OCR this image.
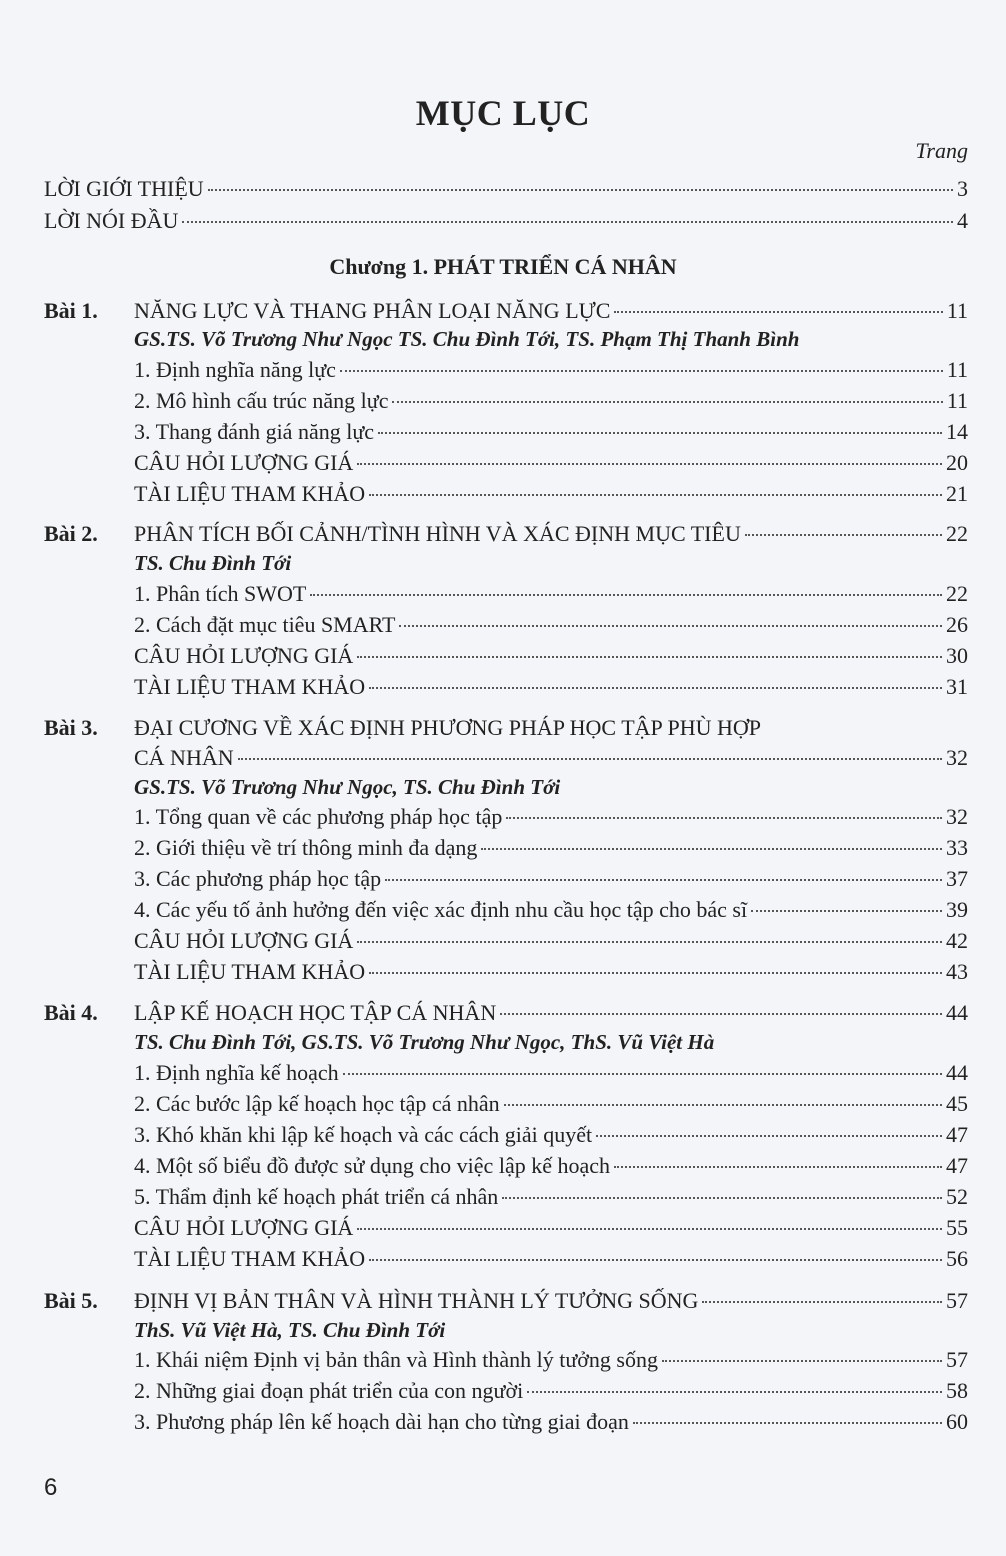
MỤC LỤC
Trang
LỜI GIỚI THIỆU	3
LỜI NÓI ĐẦU	4
Chương 1. PHÁT TRIỂN CÁ NHÂN
Bài 1. NĂNG LỰC VÀ THANG PHÂN LOẠI NĂNG LỰC	11
GS.TS. Võ Trương Như Ngọc TS. Chu Đình Tới, TS. Phạm Thị Thanh Bình
1. Định nghĩa năng lực	11
2. Mô hình cấu trúc năng lực	11
3. Thang đánh giá năng lực	14
CÂU HỎI LƯỢNG GIÁ	20
TÀI LIỆU THAM KHẢO	21
Bài 2. PHÂN TÍCH BỐI CẢNH/TÌNH HÌNH VÀ XÁC ĐỊNH MỤC TIÊU	22
TS. Chu Đình Tới
1. Phân tích SWOT	22
2. Cách đặt mục tiêu SMART	26
CÂU HỎI LƯỢNG GIÁ	30
TÀI LIỆU THAM KHẢO	31
Bài 3. ĐẠI CƯƠNG VỀ XÁC ĐỊNH PHƯƠNG PHÁP HỌC TẬP PHÙ HỢP
CÁ NHÂN	32
GS.TS. Võ Trương Như Ngọc, TS. Chu Đình Tới
1. Tổng quan về các phương pháp học tập	32
2. Giới thiệu về trí thông minh đa dạng	33
3. Các phương pháp học tập	37
4. Các yếu tố ảnh hưởng đến việc xác định nhu cầu học tập cho bác sĩ	39
CÂU HỎI LƯỢNG GIÁ	42
TÀI LIỆU THAM KHẢO	43
Bài 4. LẬP KẾ HOẠCH HỌC TẬP CÁ NHÂN	44
TS. Chu Đình Tới, GS.TS. Võ Trương Như Ngọc, ThS. Vũ Việt Hà
1. Định nghĩa kế hoạch	44
2. Các bước lập kế hoạch học tập cá nhân	45
3. Khó khăn khi lập kế hoạch và các cách giải quyết	47
4. Một số biểu đồ được sử dụng cho việc lập kế hoạch	47
5. Thẩm định kế hoạch phát triển cá nhân	52
CÂU HỎI LƯỢNG GIÁ	55
TÀI LIỆU THAM KHẢO	56
Bài 5. ĐỊNH VỊ BẢN THÂN VÀ HÌNH THÀNH LÝ TƯỞNG SỐNG	57
ThS. Vũ Việt Hà, TS. Chu Đình Tới
1. Khái niệm Định vị bản thân và Hình thành lý tưởng sống	57
2. Những giai đoạn phát triển của con người	58
3. Phương pháp lên kế hoạch dài hạn cho từng giai đoạn	60
6
